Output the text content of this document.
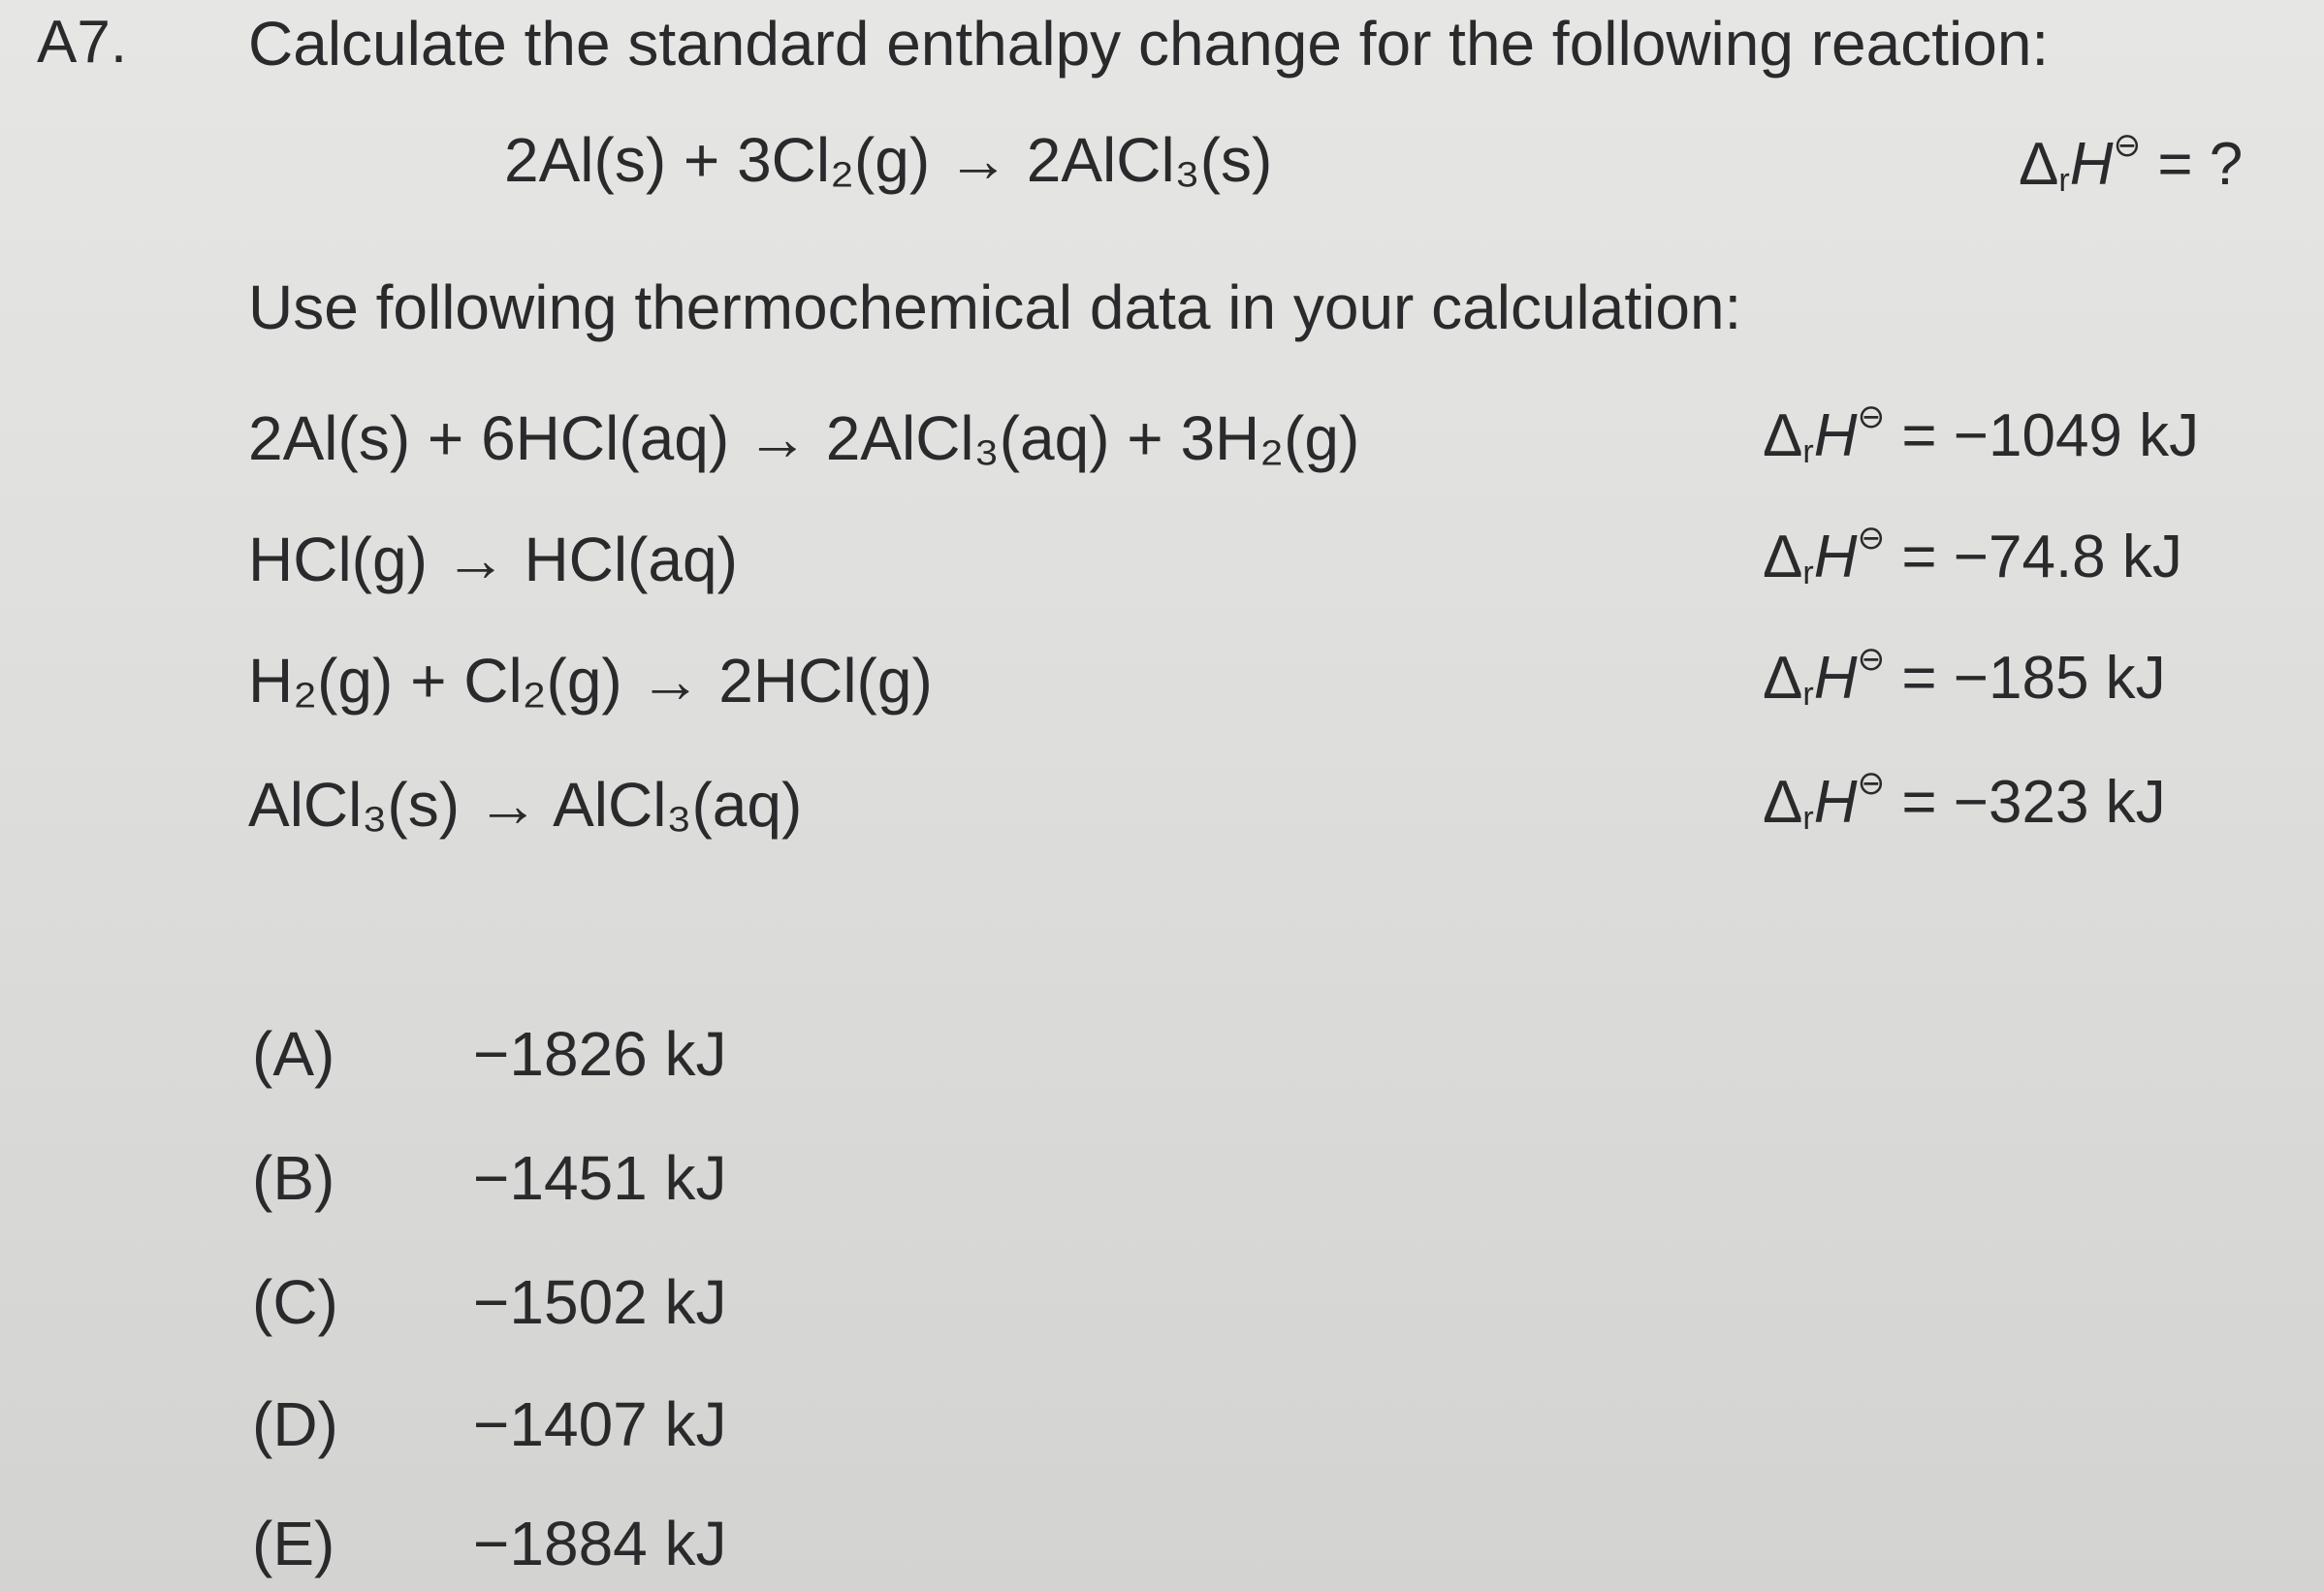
A7. Calculate the standard enthalpy change for the following reaction:
2Al(s) + 3Cl₂(g) → 2AlCl₃(s)	ΔrH⊖ = ?
Use following thermochemical data in your calculation:
2Al(s) + 6HCl(aq) → 2AlCl₃(aq) + 3H₂(g)	ΔrH⊖ = −1049 kJ
HCl(g) → HCl(aq)	ΔrH⊖ = −74.8 kJ
H₂(g) + Cl₂(g) → 2HCl(g)	ΔrH⊖ = −185 kJ
AlCl₃(s) → AlCl₃(aq)	ΔrH⊖ = −323 kJ
(A) −1826 kJ
(B) −1451 kJ
(C) −1502 kJ
(D) −1407 kJ
(E) −1884 kJ
